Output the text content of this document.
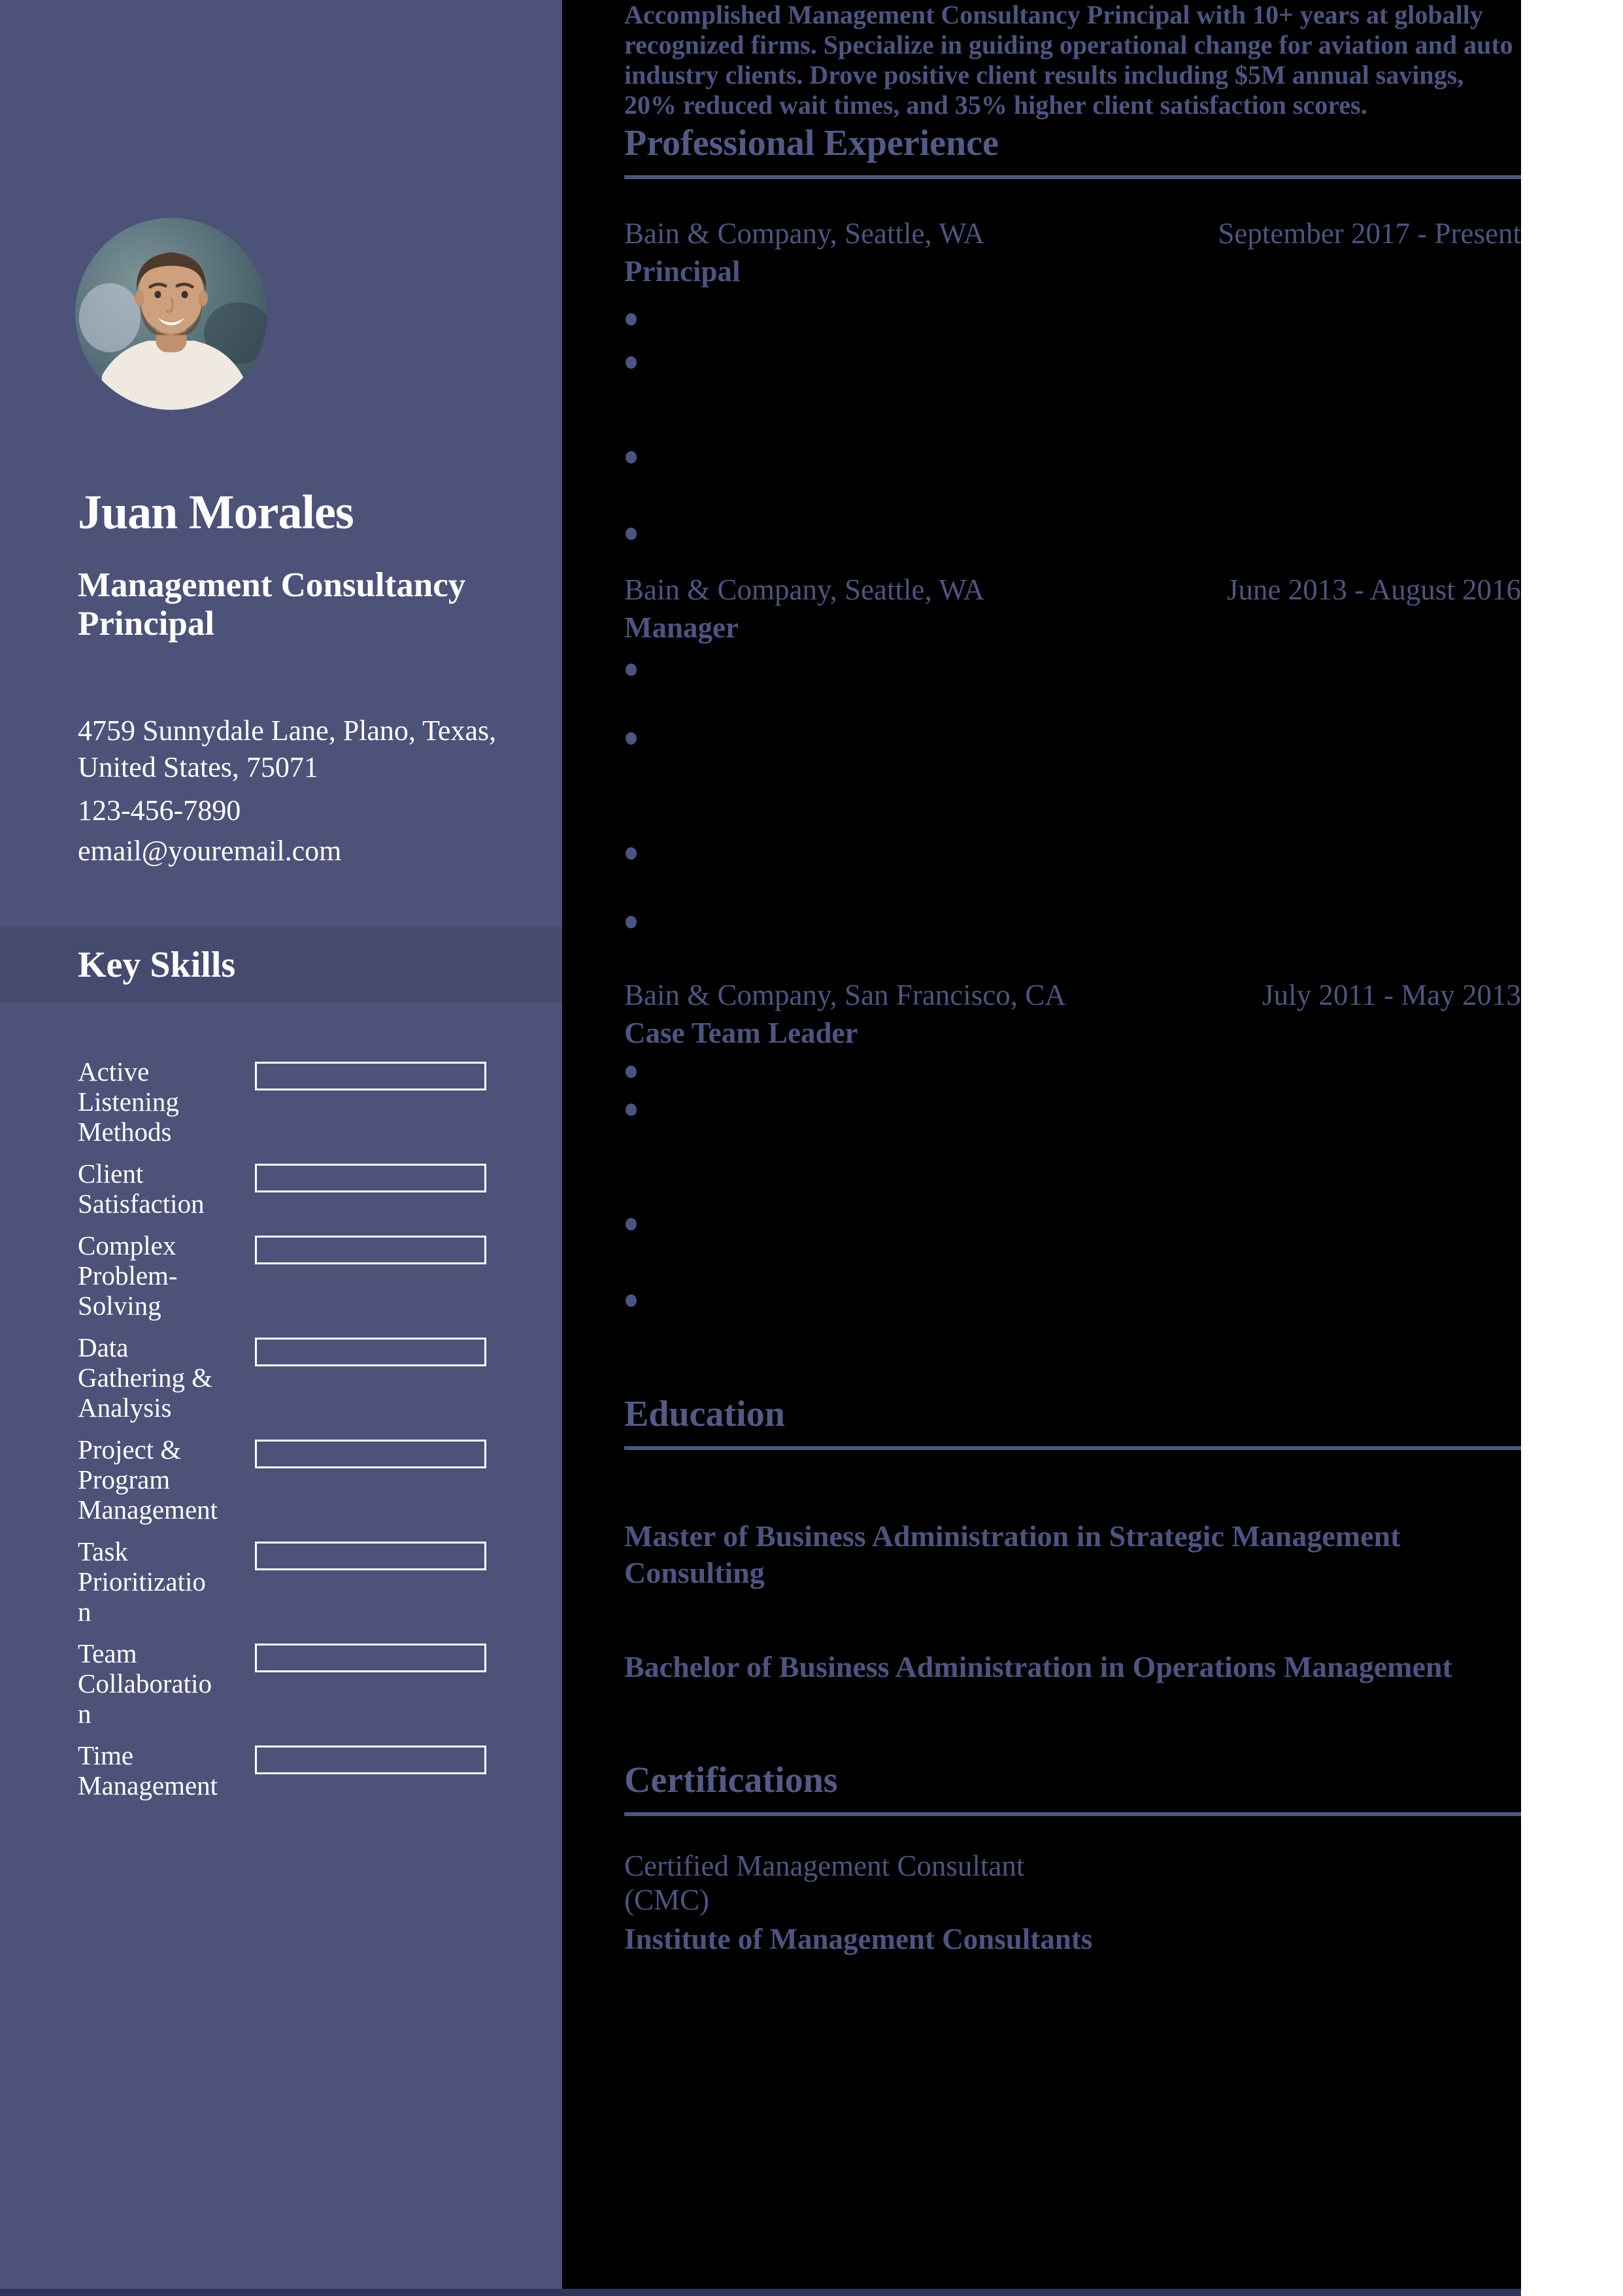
Juan Morales
Management Consultancy Principal

4759 Sunnydale Lane, Plano, Texas, United States, 75071

123-456-7890

email@youremail.com

Key Skills
Active Listening Methods
Client Satisfaction
Complex Problem-Solving
Data Gathering & Analysis
Project & Program Management
Task Prioritization
Team Collaboration
Time Management

Accomplished Management Consultancy Principal with 10+ years at globally recognized firms. Specialize in guiding operational change for aviation and auto industry clients. Drove positive client results including $5M annual savings, 20% reduced wait times, and 35% higher client satisfaction scores.

Professional Experience
Bain & Company, Seattle, WA	September 2017 - Present
Principal
Bain & Company, Seattle, WA	June 2013 - August 2016
Manager
Bain & Company, San Francisco, CA	July 2011 - May 2013
Case Team Leader
Education
Master of Business Administration in Strategic Management Consulting
Bachelor of Business Administration in Operations Management
Certifications

Certified Management Consultant (CMC)

Institute of Management Consultants
